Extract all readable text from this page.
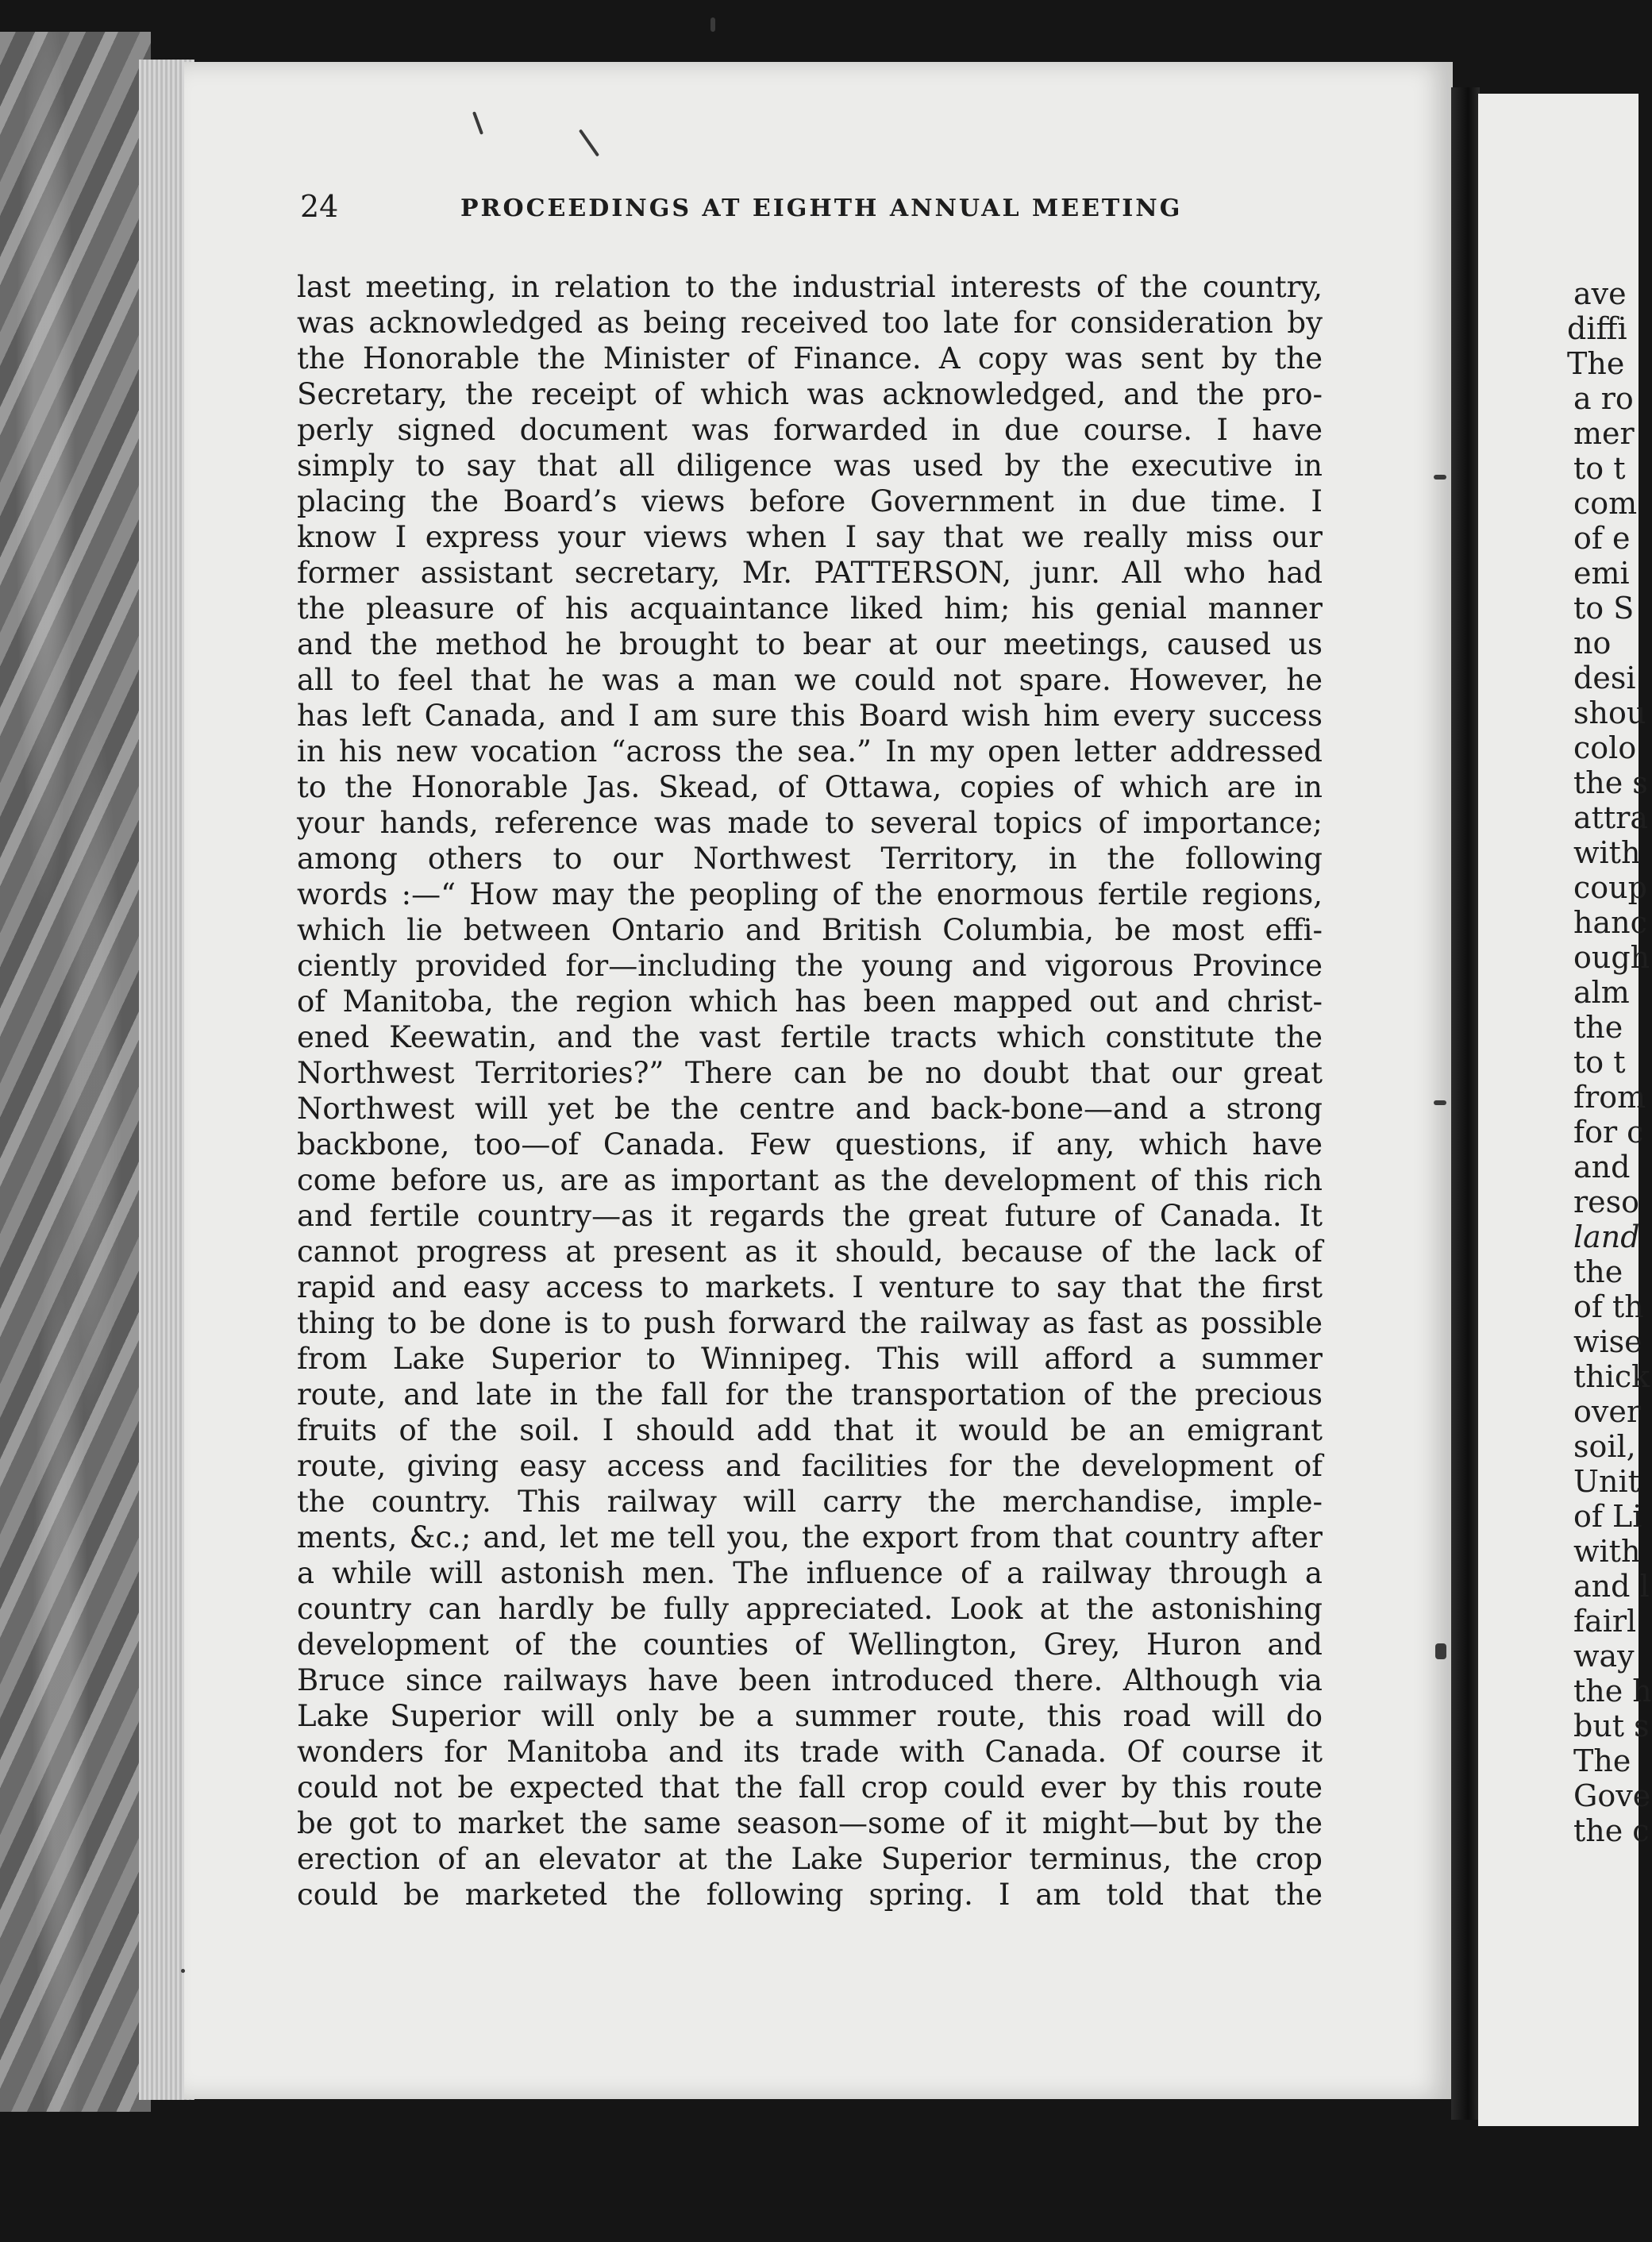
24	PROCEEDINGS AT EIGHTH ANNUAL MEETING
last meeting, in relation to the industrial interests of the country,
was acknowledged as being received too late for consideration by
the Honorable the Minister of Finance. A copy was sent by the
Secretary, the receipt of which was acknowledged, and the pro-
perly signed document was forwarded in due course. I have
simply to say that all diligence was used by the executive in
placing the Board’s views before Government in due time. I
know I express your views when I say that we really miss our
former assistant secretary, Mr. PATTERSON, junr. All who had
the pleasure of his acquaintance liked him; his genial manner
and the method he brought to bear at our meetings, caused us
all to feel that he was a man we could not spare. However, he
has left Canada, and I am sure this Board wish him every success
in his new vocation “across the sea.” In my open letter addressed
to the Honorable Jas. Skead, of Ottawa, copies of which are in
your hands, reference was made to several topics of importance;
among others to our Northwest Territory, in the following
words :—“ How may the peopling of the enormous fertile regions,
which lie between Ontario and British Columbia, be most effi-
ciently provided for—including the young and vigorous Province
of Manitoba, the region which has been mapped out and christ-
ened Keewatin, and the vast fertile tracts which constitute the
Northwest Territories?” There can be no doubt that our great
Northwest will yet be the centre and back-bone—and a strong
backbone, too—of Canada. Few questions, if any, which have
come before us, are as important as the development of this rich
and fertile country—as it regards the great future of Canada. It
cannot progress at present as it should, because of the lack of
rapid and easy access to markets. I venture to say that the first
thing to be done is to push forward the railway as fast as possible
from Lake Superior to Winnipeg. This will afford a summer
route, and late in the fall for the transportation of the precious
fruits of the soil. I should add that it would be an emigrant
route, giving easy access and facilities for the development of
the country. This railway will carry the merchandise, imple-
ments, &c.; and, let me tell you, the export from that country after
a while will astonish men. The influence of a railway through a
country can hardly be fully appreciated. Look at the astonishing
development of the counties of Wellington, Grey, Huron and
Bruce since railways have been introduced there. Although via
Lake Superior will only be a summer route, this road will do
wonders for Manitoba and its trade with Canada. Of course it
could not be expected that the fall crop could ever by this route
be got to market the same season—some of it might—but by the
erection of an elevator at the Lake Superior terminus, the crop
could be marketed the following spring. I am told that the
ave
diffi
The
a ro
mer
to t
com
of e
emi
to S
no
desi
shou
colo
the s
attra
with
coup
hanc
ough
alm
the
to t
from
for c
and
reso
land
the
of th
wise
thick
over
soil,
Unit
of Li
with
and l
fairl
way
the h
but s
The
Gove
the c
